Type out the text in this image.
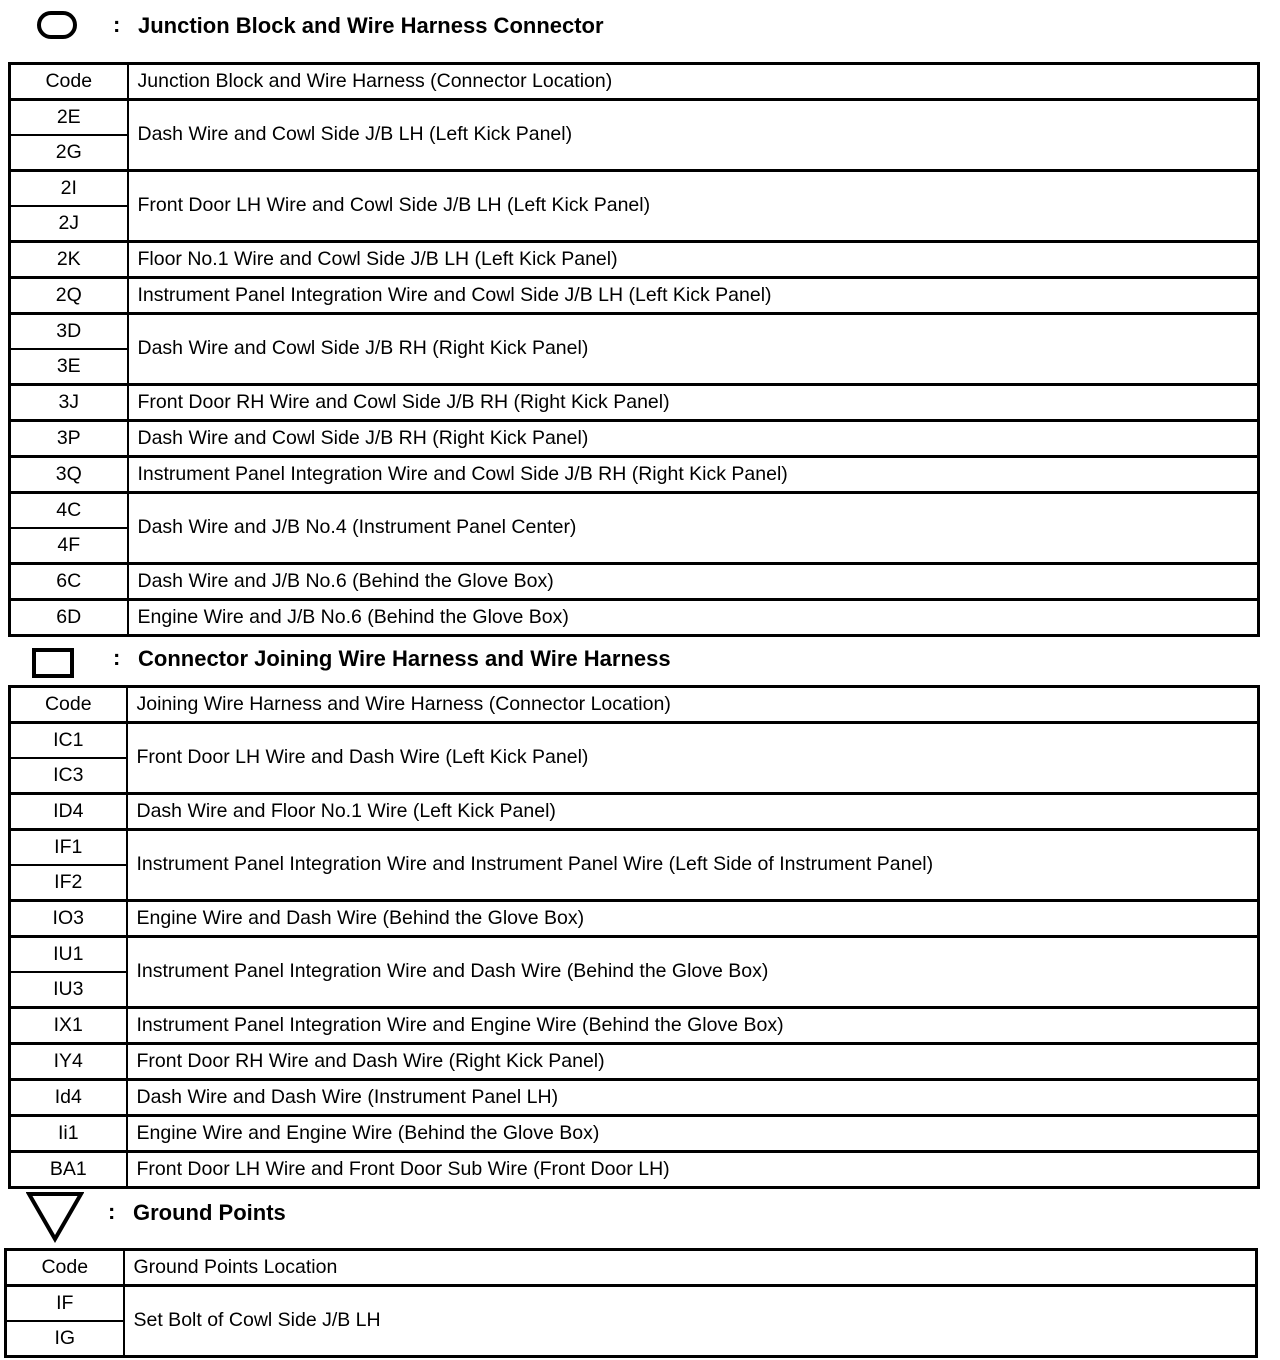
: Junction Block and Wire Harness Connector
Code	Junction Block and Wire Harness (Connector Location)
2E	Dash Wire and Cowl Side J/B LH (Left Kick Panel)
2G	
2I	Front Door LH Wire and Cowl Side J/B LH (Left Kick Panel)
2J	
2K	Floor No.1 Wire and Cowl Side J/B LH (Left Kick Panel)
2Q	Instrument Panel Integration Wire and Cowl Side J/B LH (Left Kick Panel)
3D	Dash Wire and Cowl Side J/B RH (Right Kick Panel)
3E	
3J	Front Door RH Wire and Cowl Side J/B RH (Right Kick Panel)
3P	Dash Wire and Cowl Side J/B RH (Right Kick Panel)
3Q	Instrument Panel Integration Wire and Cowl Side J/B RH (Right Kick Panel)
4C	Dash Wire and J/B No.4 (Instrument Panel Center)
4F	
6C	Dash Wire and J/B No.6 (Behind the Glove Box)
6D	Engine Wire and J/B No.6 (Behind the Glove Box)
: Connector Joining Wire Harness and Wire Harness
Code	Joining Wire Harness and Wire Harness (Connector Location)
IC1	Front Door LH Wire and Dash Wire (Left Kick Panel)
IC3	
ID4	Dash Wire and Floor No.1 Wire (Left Kick Panel)
IF1	Instrument Panel Integration Wire and Instrument Panel Wire (Left Side of Instrument Panel)
IF2	
IO3	Engine Wire and Dash Wire (Behind the Glove Box)
IU1	Instrument Panel Integration Wire and Dash Wire (Behind the Glove Box)
IU3	
IX1	Instrument Panel Integration Wire and Engine Wire (Behind the Glove Box)
IY4	Front Door RH Wire and Dash Wire (Right Kick Panel)
Id4	Dash Wire and Dash Wire (Instrument Panel LH)
Ii1	Engine Wire and Engine Wire (Behind the Glove Box)
BA1	Front Door LH Wire and Front Door Sub Wire (Front Door LH)
: Ground Points
Code	Ground Points Location
IF	Set Bolt of Cowl Side J/B LH
IG	
